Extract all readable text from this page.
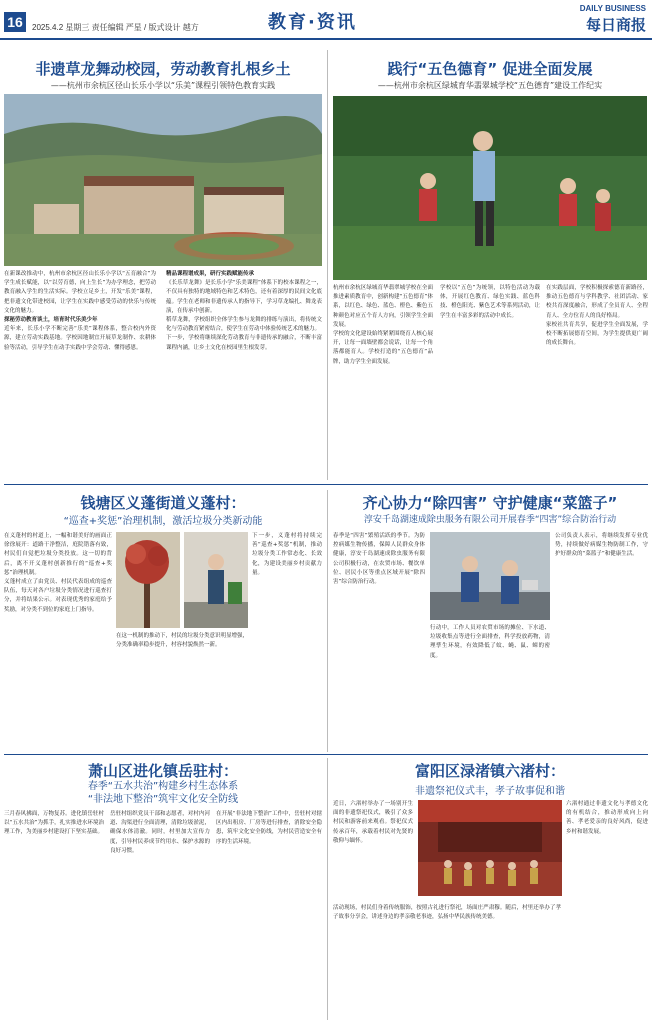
16	2025.4.2 星期三 责任编辑 严星 / 版式设计 越方	教育·资讯
DAILY BUSINESS
每日商报
非遗草龙舞动校园，劳动教育扎根乡土
——杭州市余杭区径山长乐小学以“乐美”课程引领特色教育实践

在新课改推动中，杭州市余杭区径山长乐小学以“五育融合”为学生成长赋能，以“以劳育德，向上生长”为办学理念，把劳动教育融入学生的生活实际。学校立足乡土，开发“乐美”课程，把非遗文化带进校园，让学生在实践中感受劳动的快乐与传统文化的魅力。

探秘劳动教育谈土，培育时代乐美少年

近年来，长乐小学不断完善“乐美”课程体系，整合校内外资源，建立劳动实践基地。学校因地制宜开展草龙制作、农耕体验等活动，引导学生在动手实践中学会劳动、懂得感恩。

精品课程谱成果，研行实践赋能传承

《长乐草龙舞》是长乐小学“乐美课程”体系下的校本课程之一，不仅具有独特的地域特色和艺术特色，还有着深厚的民间文化底蕴。学生在老师和非遗传承人的指导下，学习草龙编扎、舞龙表演，在传承中创新。

稻草龙舞，学校组织全体学生参与龙舞的排练与演出，将传统文化与劳动教育紧密结合，使学生在劳动中体验传统艺术的魅力。

下一步，学校将继续深化劳动教育与非遗传承的融合，不断丰富课程内涵，让乡土文化在校园里生根发芽。

践行“五色德育” 促进全面发展
——杭州市余杭区绿城育华翡翠城学校“五色德育”建设工作纪实

杭州市余杭区绿城育华翡翠城学校在全面推进素质教育中，创新构建“五色德育”体系，以红色、绿色、蓝色、橙色、紫色五种颜色对应五个育人方向，引领学生全面发展。

学校的文化建设始终紧紧围绕育人核心展开，让每一面墙壁都会说话，让每一个角落都能育人。学校打造的“五色德育”品牌，助力学生全面发展。

学校以“五色”为统领，以特色活动为载体，开展红色教育、绿色实践、蓝色科技、橙色阳光、紫色艺术等系列活动，让学生在丰富多彩的活动中成长。

在实践层面，学校积极探索德育新路径，推动五色德育与学科教学、社团活动、家校共育深度融合，形成了全员育人、全程育人、全方位育人的良好格局。

家校社共育共享，促进学生全面发展，学校不断拓展德育空间，为学生提供更广阔的成长舞台。

钱塘区义蓬街道义蓬村：
“巡查+奖惩”治理机制，激活垃圾分类新动能

在义蓬村的村道上，一幅和谐美好的画面正徐徐展开：道路干净整洁，庭院错落有致，村民们自觉把垃圾分类投放。这一切的背后，离不开义蓬村创新推行的“巡查+奖惩”治理机制。

义蓬村成立了由党员、村民代表组成的巡查队伍，每天对各户垃圾分类情况进行巡查打分，并将结果公示。对表现优秀的家庭给予奖励，对分类不到位的家庭上门指导。

在这一机制的推动下，村民的垃圾分类意识明显增强，分类准确率稳步提升，村容村貌焕然一新。

下一步，义蓬村将持续完善“巡查+奖惩”机制，推动垃圾分类工作常态化、长效化，为建设美丽乡村贡献力量。

齐心协力“除四害” 守护健康“菜篮子”
淳安千岛湖速成除虫服务有限公司开展春季“四害”综合防治行动

春季是“四害”繁殖活跃的季节。为防控病媒生物传播，保障人民群众身体健康，淳安千岛湖速成除虫服务有限公司积极行动，在农贸市场、餐饮单位、居民小区等重点区域开展“除四害”综合防治行动。

行动中，工作人员对农贸市场的摊位、下水道、垃圾收集点等进行全面排查，科学投放药物，清理孳生环境，有效降低了蚊、蝇、鼠、蟑的密度。

公司负责人表示，将继续发挥专业优势，持续做好病媒生物防制工作，守护好群众的“菜篮子”和健康生活。

萧山区进化镇岳驻村：
春季“五水共治”构建乡村生态体系
“非法地下整治”筑牢文化安全防线

三月春风拂面，万物复苏。进化镇岳驻村以“五水共治”为抓手，扎实推进水环境治理工作，为美丽乡村建设打下坚实基础。

岳驻村组织党员干部和志愿者，对村内河道、沟渠进行全面清理，清除垃圾淤泥，确保水体清澈。同时，村里加大宣传力度，引导村民养成节约用水、保护水源的良好习惯。

在开展“非法地下整治”工作中，岳驻村对辖区内出租房、厂房等进行排查，消除安全隐患，筑牢文化安全防线，为村民营造安全有序的生活环境。

富阳区渌渚镇六渚村：
非遗祭祀仪式丰，孝子故事促和谐

近日，六渚村举办了一场别开生面的非遗祭祀仪式，吸引了众多村民和游客前来观看。祭祀仪式传承百年，承载着村民对先贤的敬仰与缅怀。

六渚村通过非遗文化与孝德文化的有机结合，推动形成向上向善、孝老爱亲的良好风尚，促进乡村和谐发展。

活动现场，村民们身着传统服饰，按照古礼进行祭祀，场面庄严肃穆。随后，村里还举办了孝子故事分享会，讲述身边的孝亲敬老事迹，弘扬中华民族传统美德。
